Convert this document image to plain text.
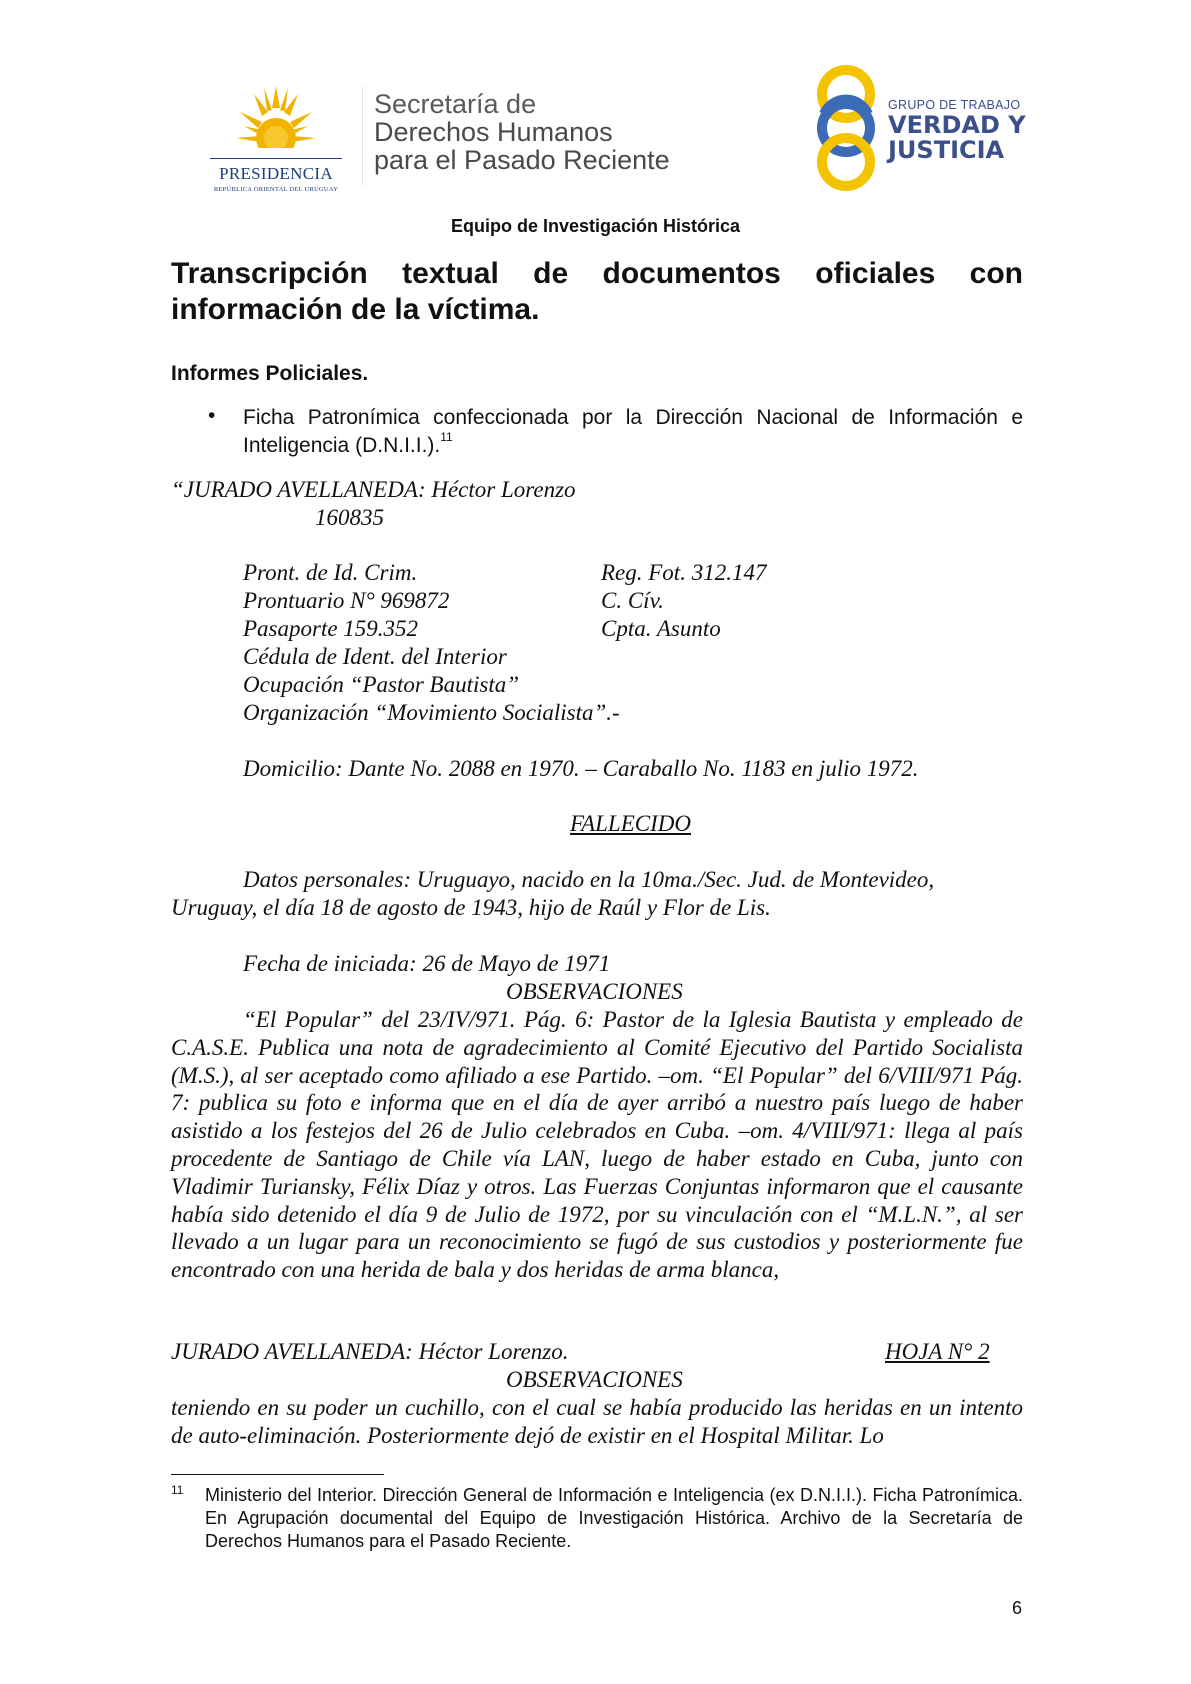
PRESIDENCIA
REPÚBLICA ORIENTAL DEL URUGUAY
Secretaría de
Derechos Humanos
para el Pasado Reciente
GRUPO DE TRABAJO
VERDAD Y
JUSTICIA
Equipo de Investigación Histórica
Transcripción textual de documentos oficiales con información de la víctima.
Informes Policiales.
• Ficha Patronímica confeccionada por la Dirección Nacional de Información e Inteligencia (D.N.I.I.).$^{11}$
“JURADO AVELLANEDA: Héctor Lorenzo
160835
Pront. de Id. Crim.
Prontuario N° 969872
Pasaporte 159.352
Cédula de Ident. del Interior
Ocupación “Pastor Bautista”
Organización “Movimiento Socialista”.-
Reg. Fot. 312.147
C. Cív.
Cpta. Asunto
Domicilio: Dante No. 2088 en 1970. – Caraballo No. 1183 en julio 1972.
FALLECIDO
Datos personales: Uruguayo, nacido en la 10ma./Sec. Jud. de Montevideo,
Uruguay, el día 18 de agosto de 1943, hijo de Raúl y Flor de Lis.
Fecha de iniciada: 26 de Mayo de 1971
OBSERVACIONES
“El Popular” del 23/IV/971. Pág. 6: Pastor de la Iglesia Bautista y empleado de C.A.S.E. Publica una nota de agradecimiento al Comité Ejecutivo del Partido Socialista (M.S.), al ser aceptado como afiliado a ese Partido. –om. “El Popular” del 6/VIII/971 Pág. 7: publica su foto e informa que en el día de ayer arribó a nuestro país luego de haber asistido a los festejos del 26 de Julio celebrados en Cuba. –om. 4/VIII/971: llega al país procedente de Santiago de Chile vía LAN, luego de haber estado en Cuba, junto con Vladimir Turiansky, Félix Díaz y otros. Las Fuerzas Conjuntas informaron que el causante había sido detenido el día 9 de Julio de 1972, por su vinculación con el “M.L.N.”, al ser llevado a un lugar para un reconocimiento se fugó de sus custodios y posteriormente fue encontrado con una herida de bala y dos heridas de arma blanca,
JURADO AVELLANEDA: Héctor Lorenzo.	HOJA N° 2
OBSERVACIONES
teniendo en su poder un cuchillo, con el cual se había producido las heridas en un intento de auto-eliminación. Posteriormente dejó de existir en el Hospital Militar. Lo
11 Ministerio del Interior. Dirección General de Información e Inteligencia (ex D.N.I.I.). Ficha Patronímica. En Agrupación documental del Equipo de Investigación Histórica. Archivo de la Secretaría de Derechos Humanos para el Pasado Reciente.
6
